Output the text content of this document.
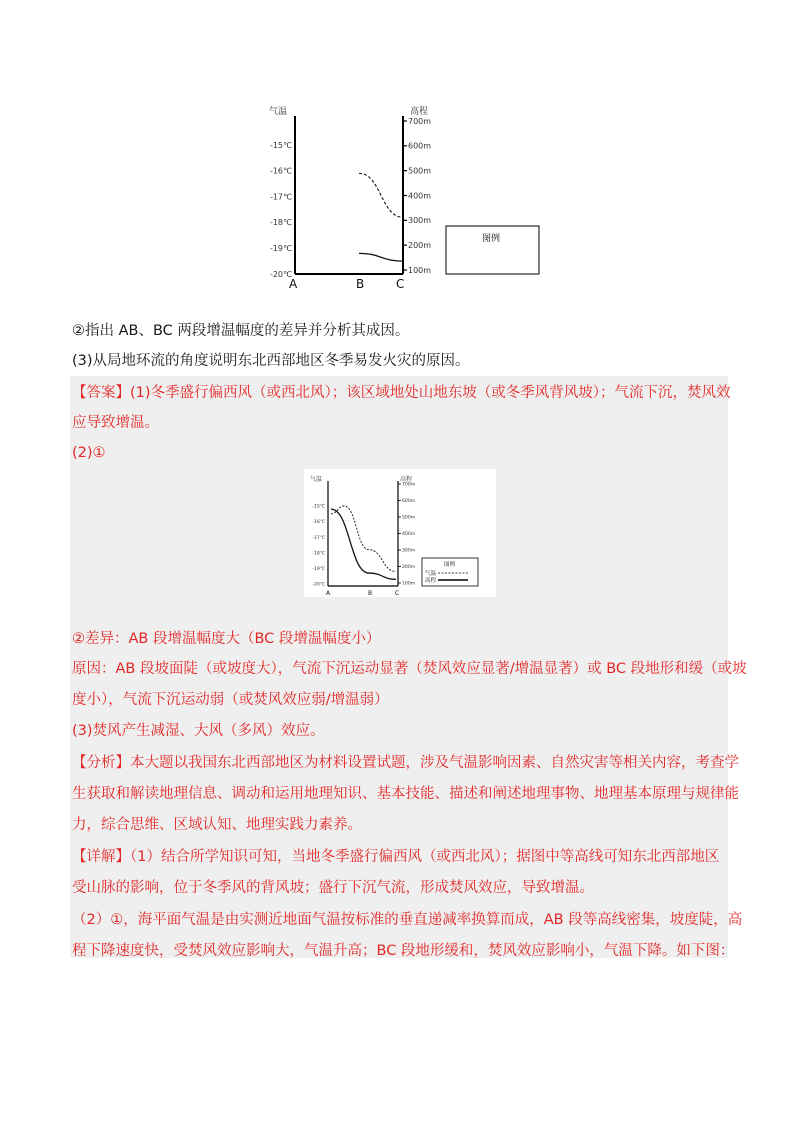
气温	高程
-15℃
-16℃
-17℃
-18℃
-19℃
-20℃
700m
600m
500m
400m
300m
200m
100m
A	B	C
图例
②指出 AB、BC 两段增温幅度的差异并分析其成因。
(3)从局地环流的角度说明东北西部地区冬季易发火灾的原因。
【答案】(1)冬季盛行偏西风（或西北风）；该区域地处山地东坡（或冬季风背风坡）；气流下沉，焚风效
应导致增温。
(2)①
气温	高程
-15℃
-16℃
-17℃
-18℃
-19℃
-20℃
700m
600m
500m
400m
300m
200m
100m
A	B	C
图例
气温
高程
②差异：AB 段增温幅度大（BC 段增温幅度小）
原因：AB 段坡面陡（或坡度大），气流下沉运动显著（焚风效应显著/增温显著）或 BC 段地形和缓（或坡
度小），气流下沉运动弱（或焚风效应弱/增温弱）
(3)焚风产生减湿、大风（多风）效应。
【分析】本大题以我国东北西部地区为材料设置试题，涉及气温影响因素、自然灾害等相关内容，考查学
生获取和解读地理信息、调动和运用地理知识、基本技能、描述和阐述地理事物、地理基本原理与规律能
力，综合思维、区域认知、地理实践力素养。
【详解】（1）结合所学知识可知，当地冬季盛行偏西风（或西北风）；据图中等高线可知东北西部地区
受山脉的影响，位于冬季风的背风坡；盛行下沉气流，形成焚风效应，导致增温。
（2）①，海平面气温是由实测近地面气温按标准的垂直递减率换算而成，AB 段等高线密集，坡度陡，高
程下降速度快，受焚风效应影响大，气温升高；BC 段地形缓和，焚风效应影响小，气温下降。如下图：
